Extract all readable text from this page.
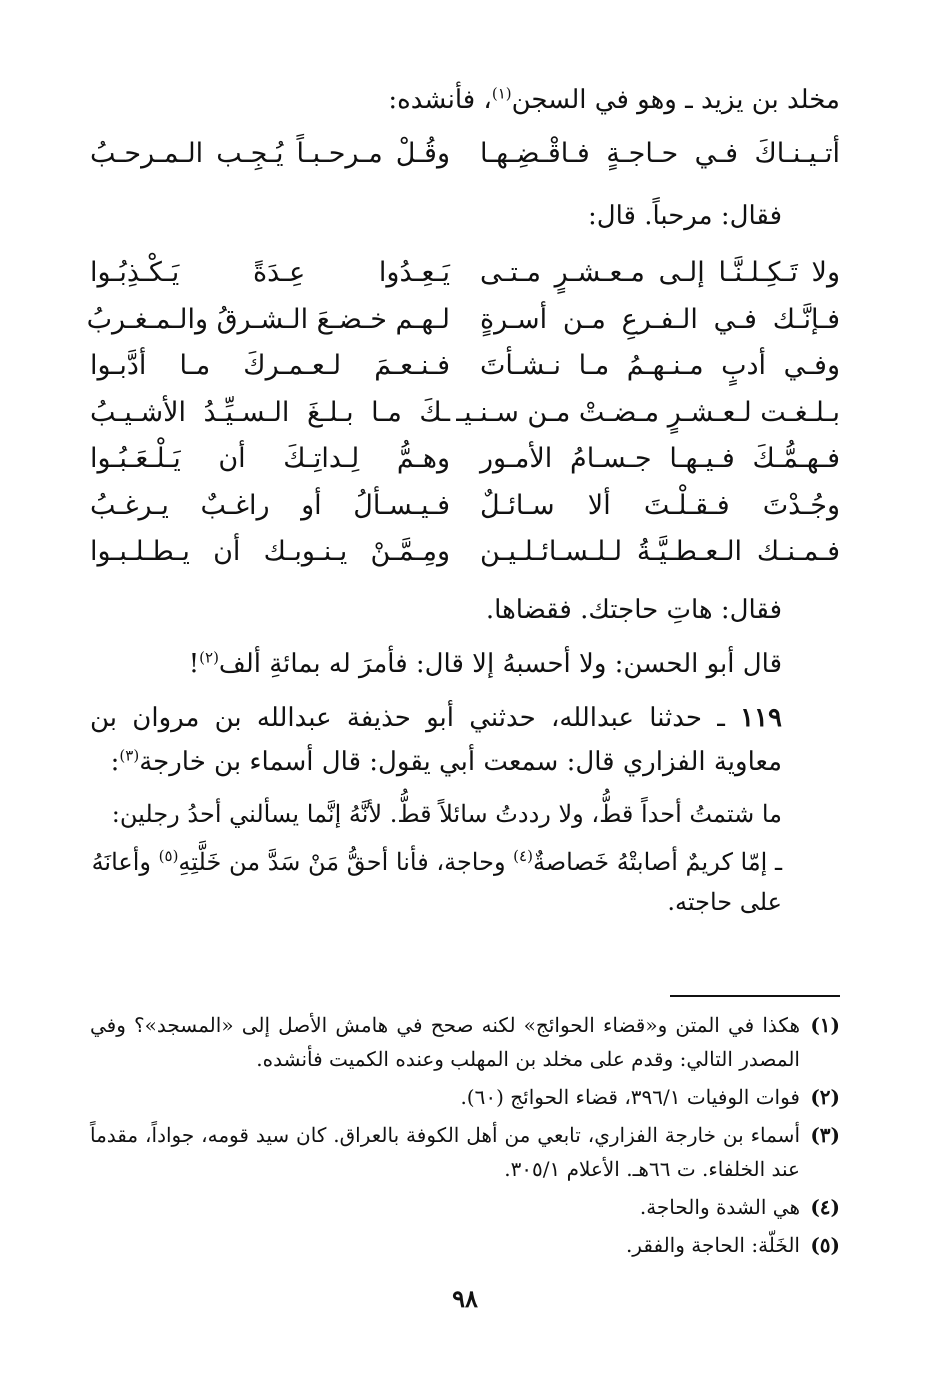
مخلد بن يزيد ـ وهو في السجن$^{(١)}$، فأنشده:

أتـيـنـاكَ فـي حـاجـةٍ فـاقْـضِـهـا
وقُـلْ مـرحـبـاً يُـجِـب الـمـرحـبُ

فقال: مرحباً. قال:

ولا تَـكِـلـنَّـا إلـى مـعـشـرٍ مـتـى
يَـعِـدُوا عِـدَةً يَـكْـذِبُـوا
فـإنَّـك فـي الـفـرعِ مـن أسـرةٍ
لـهـم خـضـعَ الـشـرقُ والـمـغـربُ
وفـي أدبٍ مـنـهـمُ مـا نـشـأتَ
فـنـعـمَ لـعـمـركَ مـا أدَّبـوا
بـلـغـت لـعـشـرٍ مـضـتْ مـن سـنـيـ
ـكَ مـا بـلـغَ الـسـيِّـدُ الأشـيـبُ
فـهـمُّـكَ فـيـهـا جـسـامُ الأمـور
وهـمُّ لِـداتِـكَ أن يَـلْـعَـبُـوا
وجُـدْتَ فـقـلْـتَ ألا سـائـلٌ
فـيـسـألُ أو راغـبٌ يـرغـبُ
فـمـنـك الـعـطـيَّـةُ لـلـسـائـلـيـن
ومِـمَّـنْ يـنـوبـك أن يـطـلـبـوا

فقال: هاتِ حاجتك. فقضاها.

قال أبو الحسن: ولا أحسبهُ إلا قال: فأمرَ له بمائةِ ألف$^{(٢)}$!

١١٩ ـ حدثنا عبدالله، حدثني أبو حذيفة عبدالله بن مروان بن معاوية الفزاري قال: سمعت أبي يقول: قال أسماء بن خارجة$^{(٣)}$:

ما شتمتُ أحداً قطُّ، ولا رددتُ سائلاً قطُّ. لأنَّهُ إنَّما يسألني أحدُ رجلين:

ـ إمّا كريمٌ أصابتْهُ خَصاصةٌ$^{(٤)}$ وحاجة، فأنا أحقُّ مَنْ سَدَّ من خَلَّتِهِ$^{(٥)}$ وأعانَهُ على حاجته.

(١)
هكذا في المتن و«قضاء الحوائج» لكنه صحح في هامش الأصل إلى «المسجد»؟ وفي المصدر التالي: وقدم على مخلد بن المهلب وعنده الكميت فأنشده.
(٢)
فوات الوفيات ٣٩٦/١، قضاء الحوائج (٦٠).
(٣)
أسماء بن خارجة الفزاري، تابعي من أهل الكوفة بالعراق. كان سيد قومه، جواداً، مقدماً عند الخلفاء. ت ٦٦هـ. الأعلام ٣٠٥/١.
(٤)
هي الشدة والحاجة.
(٥)
الخَلّة: الحاجة والفقر.
٩٨
